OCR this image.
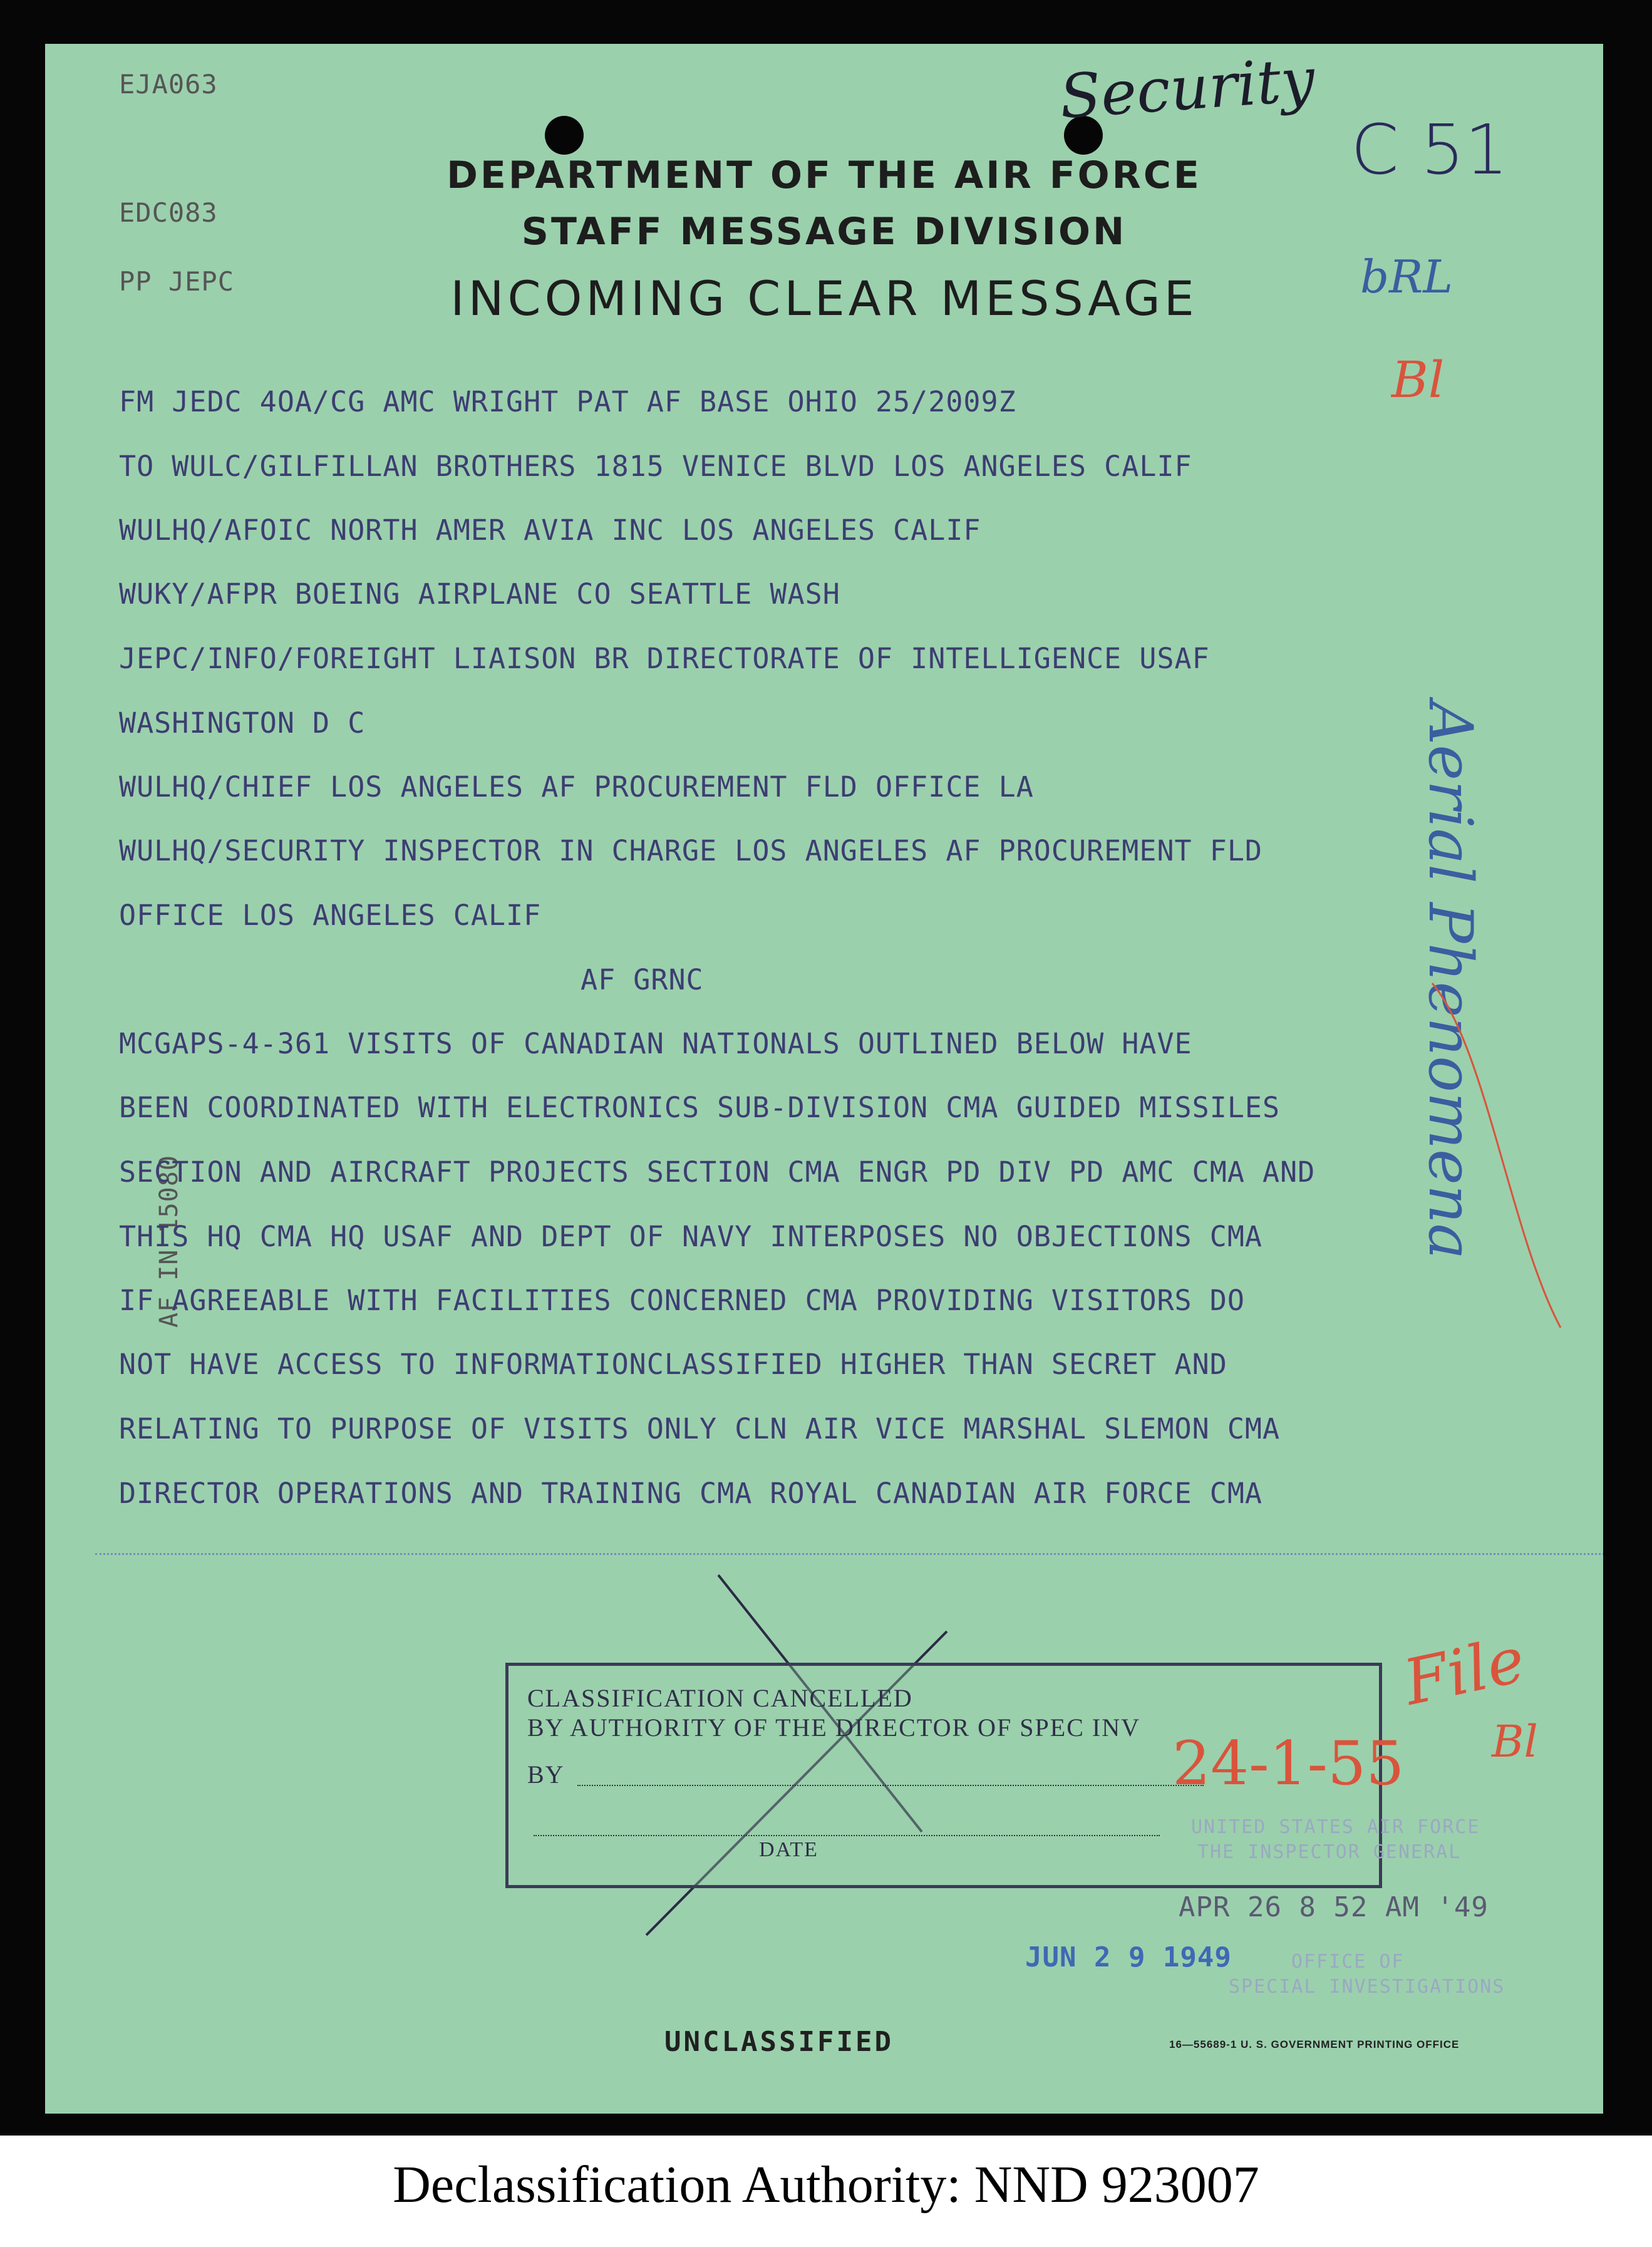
EJA063
EDC083
PP JEPC
DEPARTMENT OF THE AIR FORCE
STAFF MESSAGE DIVISION
INCOMING CLEAR MESSAGE
Security
C 51
bRL
Bl
Aerial Phenomena
AF IN 15080
FM JEDC 4OA/CG AMC WRIGHT PAT AF BASE OHIO 25/2009Z
TO WULC/GILFILLAN BROTHERS 1815 VENICE BLVD LOS ANGELES CALIF
WULHQ/AFOIC NORTH AMER AVIA INC LOS ANGELES CALIF
WUKY/AFPR BOEING AIRPLANE CO SEATTLE WASH
JEPC/INFO/FOREIGHT LIAISON BR DIRECTORATE OF INTELLIGENCE USAF
WASHINGTON D C
WULHQ/CHIEF LOS ANGELES AF PROCUREMENT FLD OFFICE LA
WULHQ/SECURITY INSPECTOR IN CHARGE LOS ANGELES AF PROCUREMENT FLD
OFFICE LOS ANGELES CALIF
AF GRNC
MCGAPS-4-361 VISITS OF CANADIAN NATIONALS OUTLINED BELOW HAVE
BEEN COORDINATED WITH ELECTRONICS SUB-DIVISION CMA GUIDED MISSILES
SECTION AND AIRCRAFT PROJECTS SECTION CMA ENGR PD DIV PD AMC CMA AND
THIS HQ CMA HQ USAF AND DEPT OF NAVY INTERPOSES NO OBJECTIONS CMA
IF AGREEABLE WITH FACILITIES CONCERNED CMA PROVIDING VISITORS DO
NOT HAVE ACCESS TO INFORMATIONCLASSIFIED HIGHER THAN SECRET AND
RELATING TO PURPOSE OF VISITS ONLY CLN AIR VICE MARSHAL SLEMON CMA
DIRECTOR OPERATIONS AND TRAINING CMA ROYAL CANADIAN AIR FORCE CMA
CLASSIFICATION CANCELLED
BY AUTHORITY OF THE DIRECTOR OF SPEC INV
BY
DATE
24-1-55
File
Bl
UNITED STATES AIR FORCE
THE INSPECTOR GENERAL
APR 26 8 52 AM '49
JUN 2 9 1949	OFFICE OF
SPECIAL INVESTIGATIONS
UNCLASSIFIED	16—55689-1 U. S. GOVERNMENT PRINTING OFFICE
Declassification Authority: NND 923007
